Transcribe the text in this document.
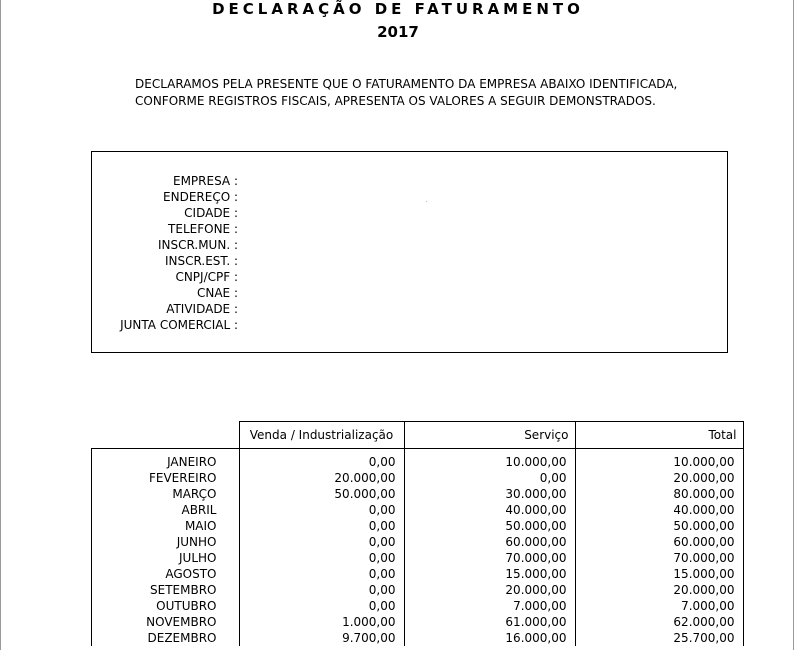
DECLARAÇÃO DE FATURAMENTO
2017
DECLARAMOS PELA PRESENTE QUE O FATURAMENTO DA EMPRESA ABAIXO IDENTIFICADA,
CONFORME REGISTROS FISCAIS, APRESENTA OS VALORES A SEGUIR DEMONSTRADOS.
EMPRESA :
ENDEREÇO :
CIDADE :
TELEFONE :
INSCR.MUN. :
INSCR.EST. :
CNPJ/CPF :
CNAE :
ATIVIDADE :
JUNTA COMERCIAL :
	Venda / Industrialização	Serviço	Total
JANEIRO	0,00	10.000,00	10.000,00
FEVEREIRO	20.000,00	0,00	20.000,00
MARÇO	50.000,00	30.000,00	80.000,00
ABRIL	0,00	40.000,00	40.000,00
MAIO	0,00	50.000,00	50.000,00
JUNHO	0,00	60.000,00	60.000,00
JULHO	0,00	70.000,00	70.000,00
AGOSTO	0,00	15.000,00	15.000,00
SETEMBRO	0,00	20.000,00	20.000,00
OUTUBRO	0,00	7.000,00	7.000,00
NOVEMBRO	1.000,00	61.000,00	62.000,00
DEZEMBRO	9.700,00	16.000,00	25.700,00
